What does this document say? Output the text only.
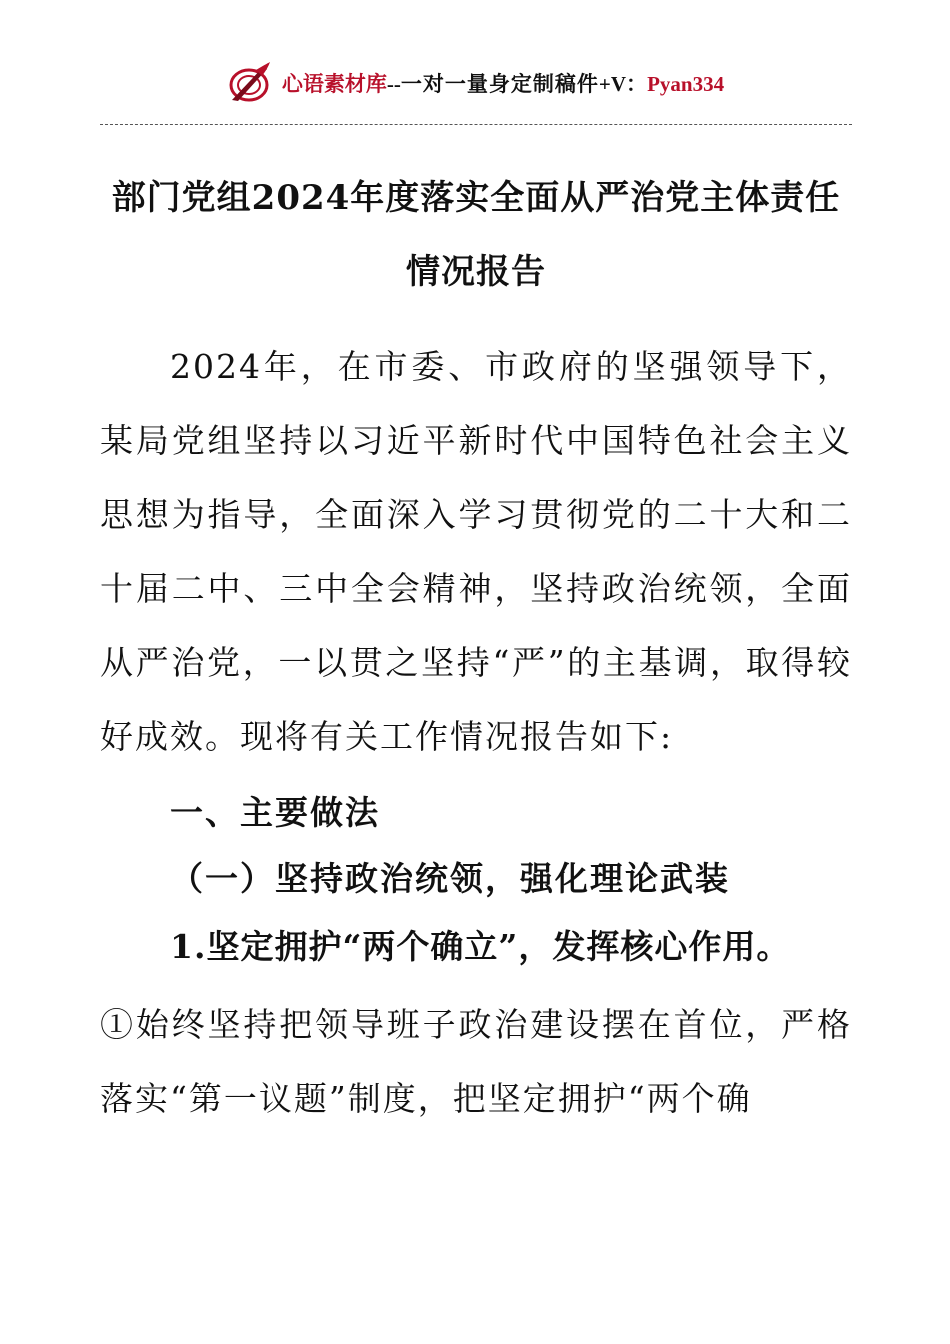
心语素材库--一对一量身定制稿件+V：Pyan334
部门党组2024年度落实全面从严治党主体责任
情况报告
2024年，在市委、市政府的坚强领导下，某局党组坚持以习近平新时代中国特色社会主义思想为指导，全面深入学习贯彻党的二十大和二十届二中、三中全会精神，坚持政治统领，全面从严治党，一以贯之坚持“严”的主基调，取得较好成效。现将有关工作情况报告如下:
一、主要做法
（一）坚持政治统领，强化理论武装
1.坚定拥护“两个确立”，发挥核心作用。
①始终坚持把领导班子政治建设摆在首位，严格落实“第一议题”制度，把坚定拥护“两个确
